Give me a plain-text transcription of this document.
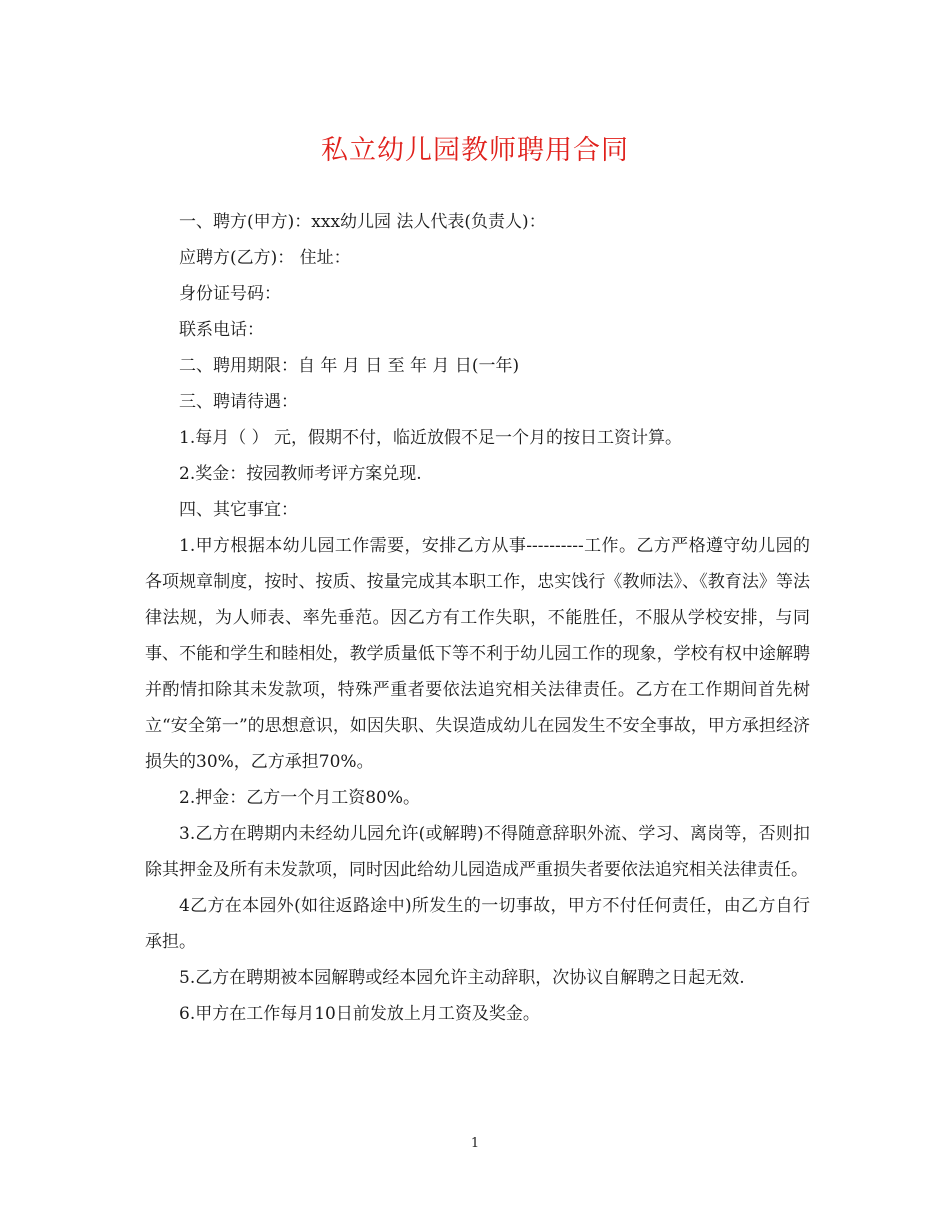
私立幼儿园教师聘用合同

一、聘方(甲方)：xxx幼儿园 法人代表(负责人)：

应聘方(乙方)： 住址：

身份证号码：

联系电话：

二、聘用期限：自 年 月 日 至 年 月 日(一年)

三、聘请待遇：

1.每月（ ） 元，假期不付，临近放假不足一个月的按日工资计算。

2.奖金：按园教师考评方案兑现.

四、其它事宜：

1.甲方根据本幼儿园工作需要，安排乙方从事----------工作。乙方严格遵守幼儿园的各项规章制度，按时、按质、按量完成其本职工作，忠实饯行《教师法》、《教育法》等法律法规，为人师表、率先垂范。因乙方有工作失职，不能胜任，不服从学校安排，与同事、不能和学生和睦相处，教学质量低下等不利于幼儿园工作的现象，学校有权中途解聘并酌情扣除其未发款项，特殊严重者要依法追究相关法律责任。乙方在工作期间首先树立“安全第一”的思想意识，如因失职、失误造成幼儿在园发生不安全事故，甲方承担经济损失的30%，乙方承担70%。

2.押金：乙方一个月工资80%。

3.乙方在聘期内未经幼儿园允许(或解聘)不得随意辞职外流、学习、离岗等，否则扣除其押金及所有未发款项，同时因此给幼儿园造成严重损失者要依法追究相关法律责任。

4乙方在本园外(如往返路途中)所发生的一切事故，甲方不付任何责任，由乙方自行承担。

5.乙方在聘期被本园解聘或经本园允许主动辞职，次协议自解聘之日起无效.

6.甲方在工作每月10日前发放上月工资及奖金。

1
